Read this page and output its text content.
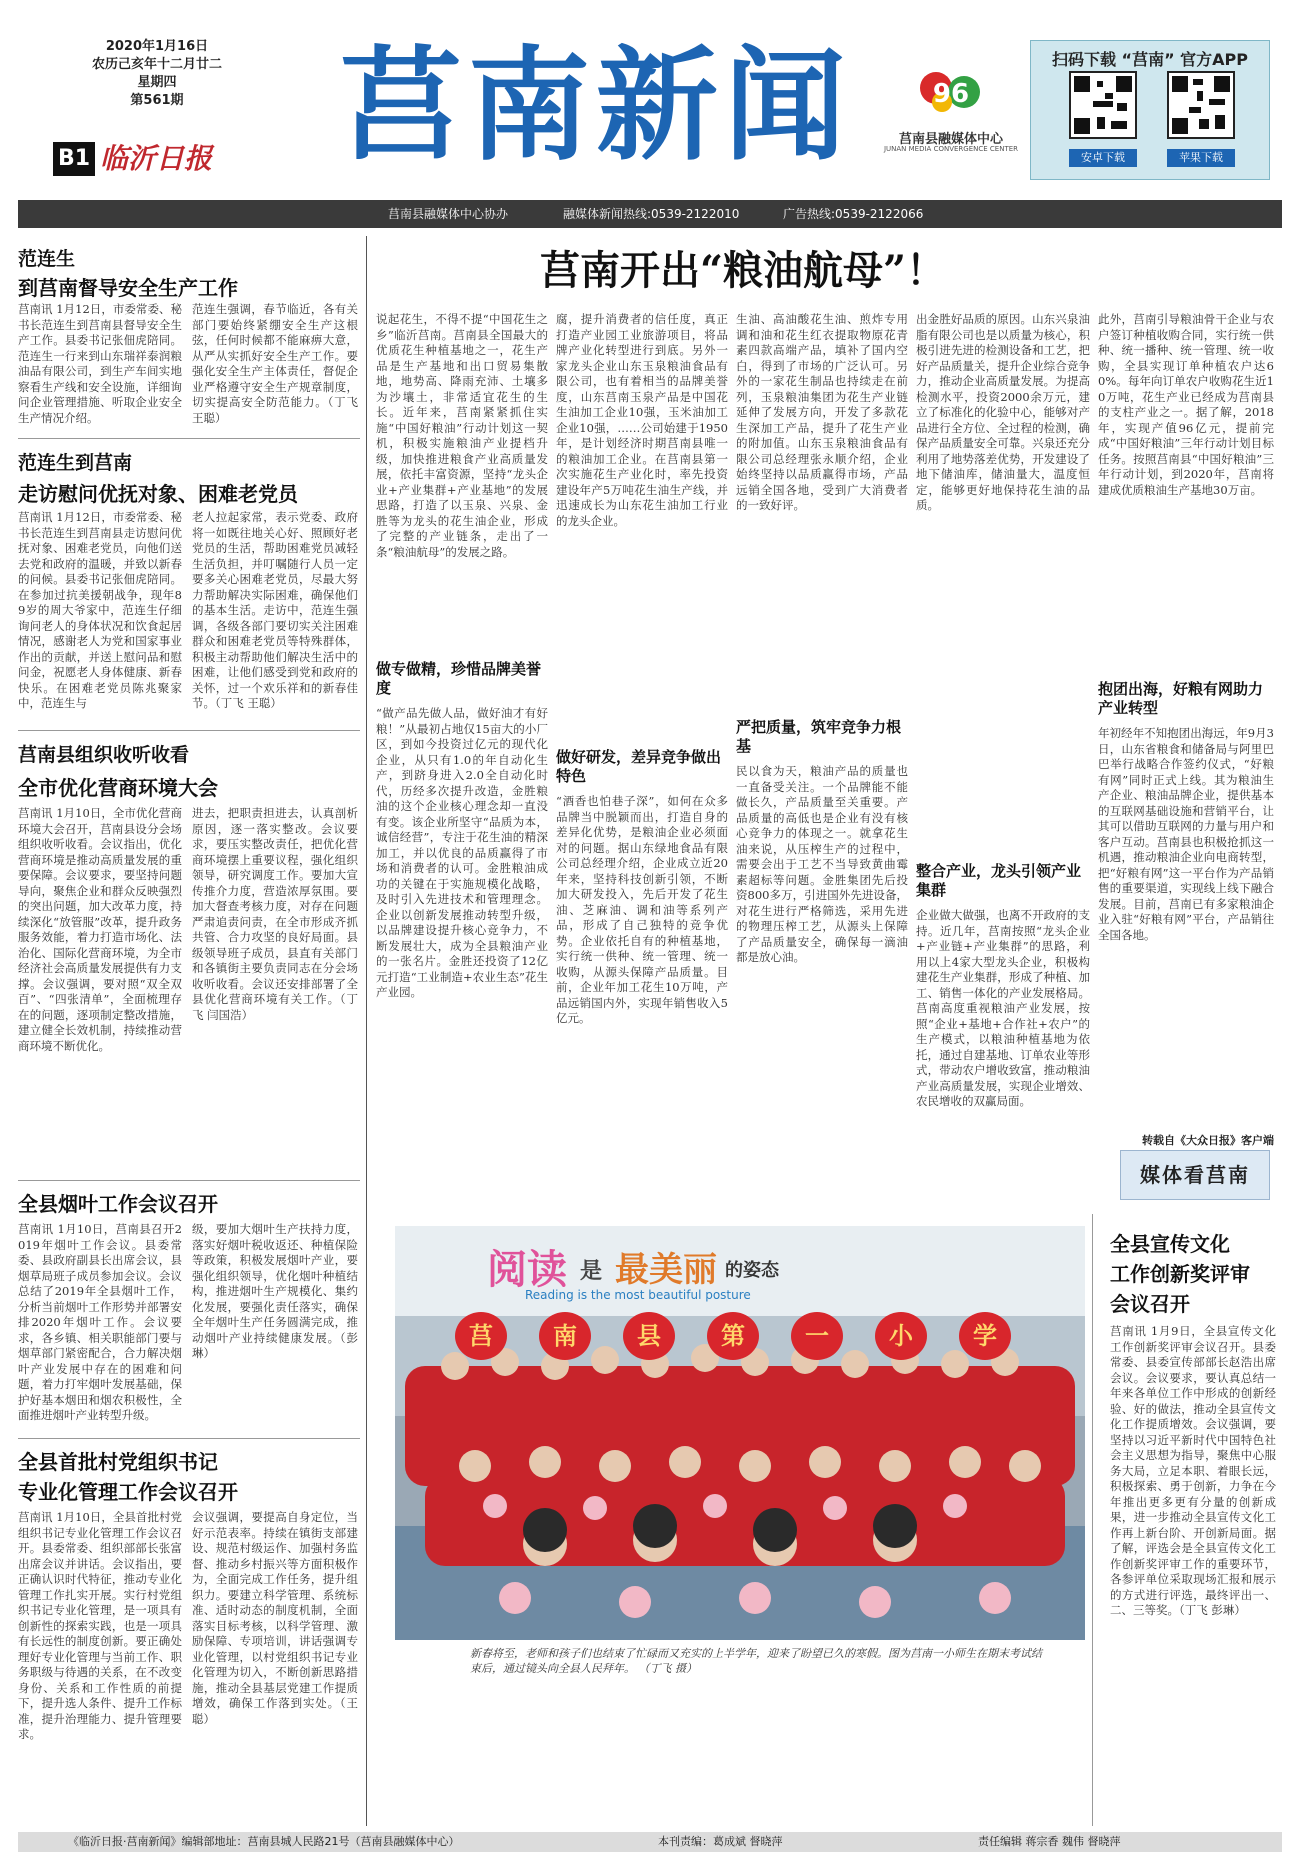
2020年1月16日
农历己亥年十二月廿二
星期四
第561期
B1 临沂日报 莒南新闻	96
莒南县融媒体中心
JUNAN MEDIA CONVERGENCE CENTER
扫码下载 “莒南” 官方APP
安卓下载	苹果下载
莒南县融媒体中心协办	融媒体新闻热线:0539-2122010	广告热线:0539-2122066
范连生
到莒南督导安全生产工作
莒南讯 1月12日，市委常委、秘书长范连生到莒南县督导安全生产工作。县委书记张佃虎陪同。范连生一行来到山东瑞祥泰润粮油品有限公司，到生产车间实地察看生产线和安全设施，详细询问企业管理措施、听取企业安全生产情况介绍。
范连生强调，春节临近，各有关部门要始终紧绷安全生产这根弦，任何时候都不能麻痹大意，从严从实抓好安全生产工作。要强化安全生产主体责任，督促企业严格遵守安全生产规章制度，切实提高安全防范能力。（丁飞 王聪）
范连生到莒南
走访慰问优抚对象、困难老党员
莒南讯 1月12日，市委常委、秘书长范连生到莒南县走访慰问优抚对象、困难老党员，向他们送去党和政府的温暖，并致以新春的问候。县委书记张佃虎陪同。在参加过抗美援朝战争，现年89岁的周大爷家中，范连生仔细询问老人的身体状况和饮食起居情况，感谢老人为党和国家事业作出的贡献，并送上慰问品和慰问金，祝愿老人身体健康、新春快乐。在困难老党员陈兆聚家中，范连生与
老人拉起家常，表示党委、政府将一如既往地关心好、照顾好老党员的生活，帮助困难党员减轻生活负担，并叮嘱随行人员一定要多关心困难老党员，尽最大努力帮助解决实际困难，确保他们的基本生活。走访中，范连生强调，各级各部门要切实关注困难群众和困难老党员等特殊群体，积极主动帮助他们解决生活中的困难，让他们感受到党和政府的关怀，过一个欢乐祥和的新春佳节。（丁飞 王聪）
莒南县组织收听收看
全市优化营商环境大会
莒南讯 1月10日，全市优化营商环境大会召开，莒南县设分会场组织收听收看。会议指出，优化营商环境是推动高质量发展的重要保障。会议要求，要坚持问题导向，聚焦企业和群众反映强烈的突出问题，加大改革力度，持续深化“放管服”改革，提升政务服务效能，着力打造市场化、法治化、国际化营商环境，为全市经济社会高质量发展提供有力支撑。会议强调，要对照“双全双百”、“四张清单”，全面梳理存在的问题，逐项制定整改措施，建立健全长效机制，持续推动营商环境不断优化。
进去，把职责担进去，认真剖析原因，逐一落实整改。会议要求，要压实整改责任，把优化营商环境摆上重要议程，强化组织领导，研究调度工作。要加大宣传推介力度，营造浓厚氛围。要加大督查考核力度，对存在问题严肃追责问责，在全市形成齐抓共管、合力攻坚的良好局面。县级领导班子成员，县直有关部门和各镇街主要负责同志在分会场收听收看。会议还安排部署了全县优化营商环境有关工作。（丁飞 闫国浩）
全县烟叶工作会议召开
莒南讯 1月10日，莒南县召开2019年烟叶工作会议。县委常委、县政府副县长出席会议，县烟草局班子成员参加会议。会议总结了2019年全县烟叶工作，分析当前烟叶工作形势并部署安排2020年烟叶工作。会议要求，各乡镇、相关职能部门要与烟草部门紧密配合，合力解决烟叶产业发展中存在的困难和问题，着力打牢烟叶发展基础，保护好基本烟田和烟农积极性，全面推进烟叶产业转型升级。
级，要加大烟叶生产扶持力度，落实好烟叶税收返还、种植保险等政策，积极发展烟叶产业，要强化组织领导，优化烟叶种植结构，推进烟叶生产规模化、集约化发展，要强化责任落实，确保全年烟叶生产任务圆满完成，推动烟叶产业持续健康发展。（彭琳）
全县首批村党组织书记
专业化管理工作会议召开
莒南讯 1月10日，全县首批村党组织书记专业化管理工作会议召开。县委常委、组织部部长张富出席会议并讲话。会议指出，要正确认识时代特征，推动专业化管理工作扎实开展。实行村党组织书记专业化管理，是一项具有创新性的探索实践，也是一项具有长远性的制度创新。要正确处理好专业化管理与当前工作、职务职级与待遇的关系，在不改变身份、关系和工作性质的前提下，提升选人条件、提升工作标准，提升治理能力、提升管理要求。
会议强调，要提高自身定位，当好示范表率。持续在镇街支部建设、规范村级运作、加强村务监督、推动乡村振兴等方面积极作为，全面完成工作任务，提升组织力。要建立科学管理、系统标准、适时动态的制度机制，全面落实目标考核，以科学管理、激励保障、专项培训，讲话强调专业化管理，以村党组织书记专业化管理为切入，不断创新思路措施，推动全县基层党建工作提质增效，确保工作落到实处。（王聪）
莒南开出“粮油航母”！
说起花生，不得不提“中国花生之乡”临沂莒南。莒南县全国最大的优质花生种植基地之一，花生产品是生产基地和出口贸易集散地，地势高、降雨充沛、土壤多为沙壤土，非常适宜花生的生长。近年来，莒南紧紧抓住实施“中国好粮油”行动计划这一契机，积极实施粮油产业提档升级，加快推进粮食产业高质量发展，依托丰富资源，坚持“龙头企业+产业集群+产业基地”的发展思路，打造了以玉泉、兴泉、金胜等为龙头的花生油企业，形成了完整的产业链条，走出了一条“粮油航母”的发展之路。
做专做精，珍惜品牌美誉度
“做产品先做人品，做好油才有好粮！”从最初占地仅15亩大的小厂区，到如今投资过亿元的现代化企业，从只有1.0的年自动化生产，到跻身进入2.0全自动化时代，历经多次提升改造，金胜粮油的这个企业核心理念却一直没有变。该企业所坚守“品质为本，诚信经营”，专注于花生油的精深加工，并以优良的品质赢得了市场和消费者的认可。金胜粮油成功的关键在于实施规模化战略，及时引入先进技术和管理理念。企业以创新发展推动转型升级，以品牌建设提升核心竞争力，不断发展壮大，成为全县粮油产业的一张名片。金胜还投资了12亿元打造“工业制造+农业生态”花生产业园。
腐，提升消费者的信任度，真正打造产业园工业旅游项目，将品牌产业化转型进行到底。另外一家龙头企业山东玉泉粮油食品有限公司，也有着相当的品牌美誉度，山东莒南玉泉产品是中国花生油加工企业10强，玉米油加工企业10强，……公司始建于1950年，是计划经济时期莒南县唯一的粮油加工企业。在莒南县第一次实施花生产业化时，率先投资建设年产5万吨花生油生产线，并迅速成长为山东花生油加工行业的龙头企业。
做好研发，差异竞争做出特色
“酒香也怕巷子深”，如何在众多品牌当中脱颖而出，打造自身的差异化优势，是粮油企业必须面对的问题。据山东绿地食品有限公司总经理介绍，企业成立近20年来，坚持科技创新引领，不断加大研发投入，先后开发了花生油、芝麻油、调和油等系列产品，形成了自己独特的竞争优势。企业依托自有的种植基地，实行统一供种、统一管理、统一收购，从源头保障产品质量。目前，企业年加工花生10万吨，产品远销国内外，实现年销售收入5亿元。
生油、高油酸花生油、煎炸专用调和油和花生红衣提取物原花青素四款高端产品，填补了国内空白，得到了市场的广泛认可。另外的一家花生制品也持续走在前列，玉泉粮油集团为花生产业链延伸了发展方向，开发了多款花生深加工产品，提升了花生产业的附加值。山东玉泉粮油食品有限公司总经理张永顺介绍，企业始终坚持以品质赢得市场，产品远销全国各地，受到广大消费者的一致好评。
严把质量，筑牢竞争力根基
民以食为天，粮油产品的质量也一直备受关注。一个品牌能不能做长久，产品质量至关重要。产品质量的高低也是企业有没有核心竞争力的体现之一。就拿花生油来说，从压榨生产的过程中，需要会出于工艺不当导致黄曲霉素超标等问题。金胜集团先后投资800多万，引进国外先进设备，对花生进行严格筛选，采用先进的物理压榨工艺，从源头上保障了产品质量安全，确保每一滴油都是放心油。
出金胜好品质的原因。山东兴泉油脂有限公司也是以质量为核心，积极引进先进的检测设备和工艺，把好产品质量关，提升企业综合竞争力，推动企业高质量发展。为提高检测水平，投资2000余万元，建立了标准化的化验中心，能够对产品进行全方位、全过程的检测，确保产品质量安全可靠。兴泉还充分利用了地势落差优势，开发建设了地下储油库，储油量大，温度恒定，能够更好地保持花生油的品质。
整合产业，龙头引领产业集群
企业做大做强，也离不开政府的支持。近几年，莒南按照“龙头企业+产业链+产业集群”的思路，利用以上4家大型龙头企业，积极构建花生产业集群，形成了种植、加工、销售一体化的产业发展格局。莒南高度重视粮油产业发展，按照“企业+基地+合作社+农户”的生产模式，以粮油种植基地为依托，通过自建基地、订单农业等形式，带动农户增收致富，推动粮油产业高质量发展，实现企业增效、农民增收的双赢局面。
此外，莒南引导粮油骨干企业与农户签订种植收购合同，实行统一供种、统一播种、统一管理、统一收购，全县实现订单种植农户达60%。每年向订单农户收购花生近10万吨，花生产业已经成为莒南县的支柱产业之一。据了解，2018年，实现产值96亿元，提前完成“中国好粮油”三年行动计划目标任务。按照莒南县“中国好粮油”三年行动计划，到2020年，莒南将建成优质粮油生产基地30万亩。
抱团出海，好粮有网助力产业转型
年初经年不知抱团出海远，年9月3日，山东省粮食和储备局与阿里巴巴举行战略合作签约仪式，“好粮有网”同时正式上线。其为粮油生产企业、粮油品牌企业，提供基本的互联网基础设施和营销平台，让其可以借助互联网的力量与用户和客户互动。莒南县也积极抢抓这一机遇，推动粮油企业向电商转型，把“好粮有网”这一平台作为产品销售的重要渠道，实现线上线下融合发展。目前，莒南已有多家粮油企业入驻“好粮有网”平台，产品销往全国各地。
转载自《大众日报》客户端
媒体看莒南
阅读 是 最美丽 的姿态
Reading is the most beautiful posture
莒	南	县	第	一	小	学
新春将至，老师和孩子们也结束了忙碌而又充实的上半学年，迎来了盼望已久的寒假。图为莒南一小师生在期末考试结束后，通过镜头向全县人民拜年。 （丁飞 摄）
全县宣传文化
工作创新奖评审
会议召开
莒南讯 1月9日，全县宣传文化工作创新奖评审会议召开。县委常委、县委宣传部部长赵浩出席会议。会议要求，要认真总结一年来各单位工作中形成的创新经验、好的做法，推动全县宣传文化工作提质增效。会议强调，要坚持以习近平新时代中国特色社会主义思想为指导，聚焦中心服务大局，立足本职、着眼长远，积极探索、勇于创新，力争在今年推出更多更有分量的创新成果，进一步推动全县宣传文化工作再上新台阶、开创新局面。据了解，评选会是全县宣传文化工作创新奖评审工作的重要环节，各参评单位采取现场汇报和展示的方式进行评选，最终评出一、二、三等奖。（丁飞 彭琳）
《临沂日报·莒南新闻》编辑部地址：莒南县城人民路21号（莒南县融媒体中心）	本刊责编：葛成斌 督晓萍	责任编辑 蒋宗香 魏伟 督晓萍
